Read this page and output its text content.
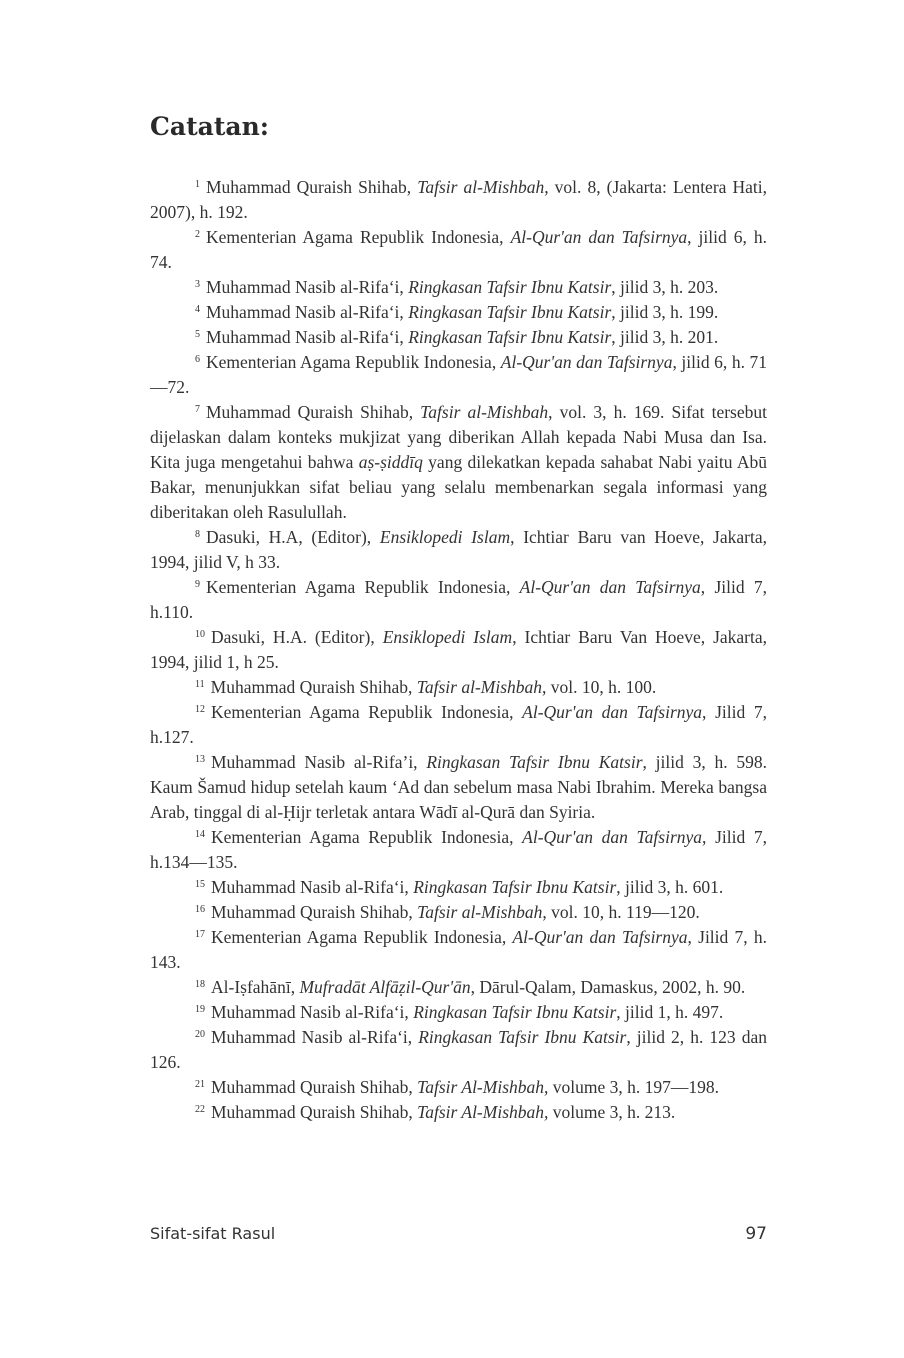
Catatan:

$^1$ Muhammad Quraish Shihab, Tafsir al-Mishbah, vol. 8, (Jakarta: Lentera Hati, 2007), h. 192.

$^2$ Kementerian Agama Republik Indonesia, Al-Qur'an dan Tafsirnya, jilid 6, h. 74.

$^3$ Muhammad Nasib al-Rifa‘i, Ringkasan Tafsir Ibnu Katsir, jilid 3, h. 203.

$^4$ Muhammad Nasib al-Rifa‘i, Ringkasan Tafsir Ibnu Katsir, jilid 3, h. 199.

$^5$ Muhammad Nasib al-Rifa‘i, Ringkasan Tafsir Ibnu Katsir, jilid 3, h. 201.

$^6$ Kementerian Agama Republik Indonesia, Al-Qur'an dan Tafsirnya, jilid 6, h. 71—72.

$^7$ Muhammad Quraish Shihab, Tafsir al-Mishbah, vol. 3, h. 169. Sifat tersebut dijelaskan dalam konteks mukjizat yang diberikan Allah kepada Nabi Musa dan Isa. Kita juga mengetahui bahwa aṣ-ṣiddīq yang dilekatkan kepada sahabat Nabi yaitu Abū Bakar, menunjukkan sifat beliau yang selalu membenarkan segala informasi yang diberitakan oleh Rasulullah.

$^8$ Dasuki, H.A, (Editor), Ensiklopedi Islam, Ichtiar Baru van Hoeve, Jakarta, 1994, jilid V, h 33.

$^9$ Kementerian Agama Republik Indonesia, Al-Qur'an dan Tafsirnya, Jilid 7, h.110.

$^{10}$ Dasuki, H.A. (Editor), Ensiklopedi Islam, Ichtiar Baru Van Hoeve, Jakarta, 1994, jilid 1, h 25.

$^{11}$ Muhammad Quraish Shihab, Tafsir al-Mishbah, vol. 10, h. 100.

$^{12}$ Kementerian Agama Republik Indonesia, Al-Qur'an dan Tafsirnya, Jilid 7, h.127.

$^{13}$ Muhammad Nasib al-Rifa’i, Ringkasan Tafsir Ibnu Katsir, jilid 3, h. 598. Kaum Šamud hidup setelah kaum ‘Ad dan sebelum masa Nabi Ibrahim. Mereka bangsa Arab, tinggal di al-Ḥijr terletak antara Wādī al-Qurā dan Syiria.

$^{14}$ Kementerian Agama Republik Indonesia, Al-Qur'an dan Tafsirnya, Jilid 7, h.134—135.

$^{15}$ Muhammad Nasib al-Rifa‘i, Ringkasan Tafsir Ibnu Katsir, jilid 3, h. 601.

$^{16}$ Muhammad Quraish Shihab, Tafsir al-Mishbah, vol. 10, h. 119—120.

$^{17}$ Kementerian Agama Republik Indonesia, Al-Qur'an dan Tafsirnya, Jilid 7, h. 143.

$^{18}$ Al-Iṣfahānī, Mufradāt Alfāẓil-Qur'ān, Dārul-Qalam, Damaskus, 2002, h. 90.

$^{19}$ Muhammad Nasib al-Rifa‘i, Ringkasan Tafsir Ibnu Katsir, jilid 1, h. 497.

$^{20}$ Muhammad Nasib al-Rifa‘i, Ringkasan Tafsir Ibnu Katsir, jilid 2, h. 123 dan 126.

$^{21}$ Muhammad Quraish Shihab, Tafsir Al-Mishbah, volume 3, h. 197—198.

$^{22}$ Muhammad Quraish Shihab, Tafsir Al-Mishbah, volume 3, h. 213.

Sifat-sifat Rasul	97
